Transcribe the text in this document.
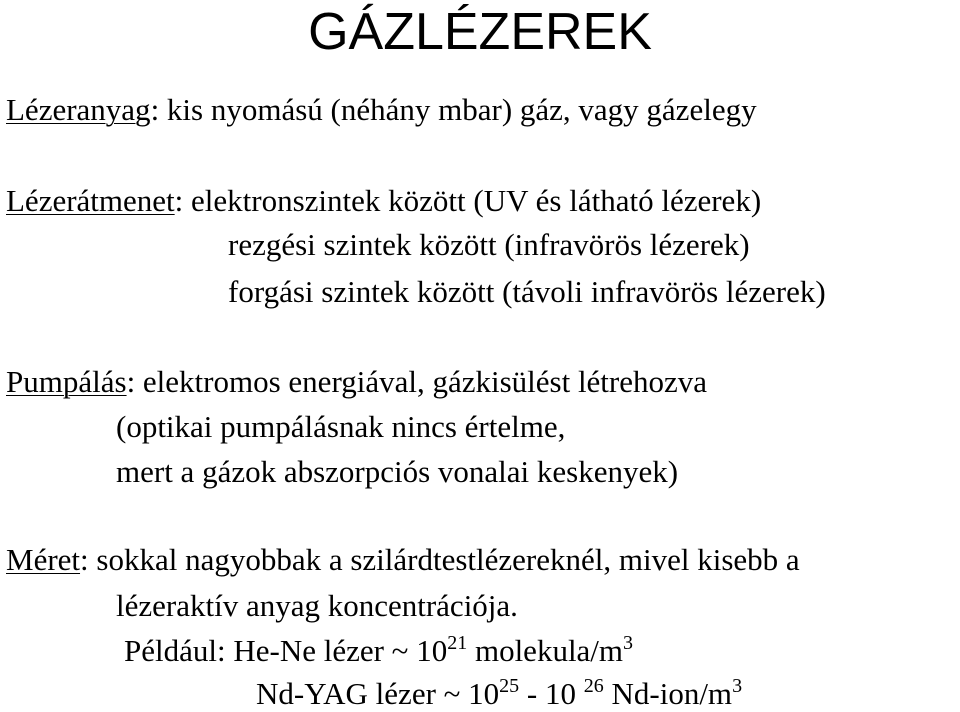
GÁZLÉZEREK
Lézeranyag: kis nyomású (néhány mbar) gáz, vagy gázelegy
Lézerátmenet: elektronszintek között (UV és látható lézerek)
rezgési szintek között (infravörös lézerek)
forgási szintek között (távoli infravörös lézerek)
Pumpálás: elektromos energiával, gázkisülést létrehozva
(optikai pumpálásnak nincs értelme,
mert a gázok abszorpciós vonalai keskenyek)
Méret: sokkal nagyobbak a szilárdtestlézereknél, mivel kisebb a
lézeraktív anyag koncentrációja.
Például: He-Ne lézer ~ $10^{21}$ molekula/$m^3$
Nd-YAG lézer ~ $10^{25} - 10$ $^{26}$ $Nd-ion/m^3$
